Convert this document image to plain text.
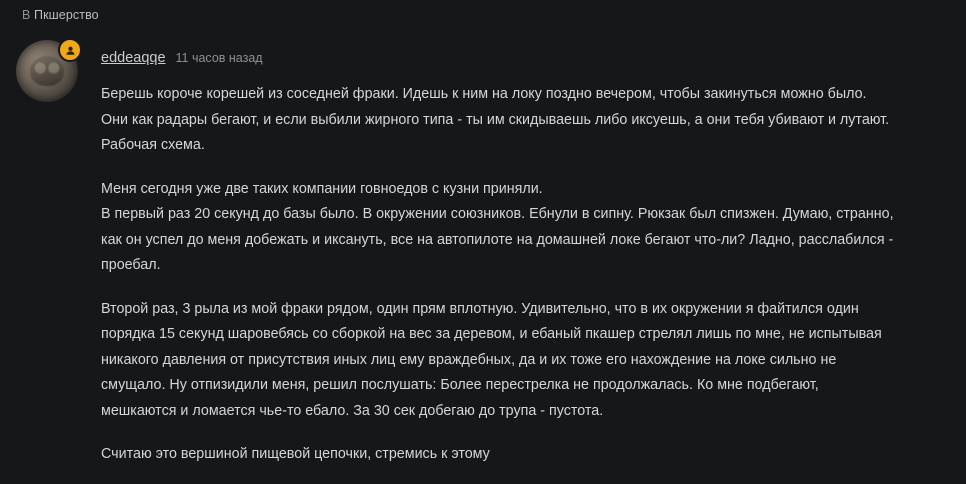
В Пкшерство
eddeaqqe 11 часов назад

Берешь короче корешей из соседней фраки. Идешь к ним на локу поздно вечером, чтобы закинуться можно было. Они как радары бегают, и если выбили жирного типа - ты им скидываешь либо иксуешь, а они тебя убивают и лутают. Рабочая схема.

Меня сегодня уже две таких компании говноедов с кузни приняли.

В первый раз 20 секунд до базы было. В окружении союзников. Ебнули в сипну. Рюкзак был спизжен. Думаю, странно, как он успел до меня добежать и иксануть, все на автопилоте на домашней локе бегают что-ли? Ладно, расслабился - проебал.

Второй раз, 3 рыла из мой фраки рядом, один прям вплотную. Удивительно, что в их окружении я файтился один порядка 15 секунд шаровебясь со сборкой на вес за деревом, и ебаный пкашер стрелял лишь по мне, не испытывая никакого давления от присутствия иных лиц ему враждебных, да и их тоже его нахождение на локе сильно не смущало. Ну отпизидили меня, решил послушать: Более перестрелка не продолжалась. Ко мне подбегают, мешкаются и ломается чье-то ебало. За 30 сек добегаю до трупа - пустота.

Считаю это вершиной пищевой цепочки, стремись к этому
